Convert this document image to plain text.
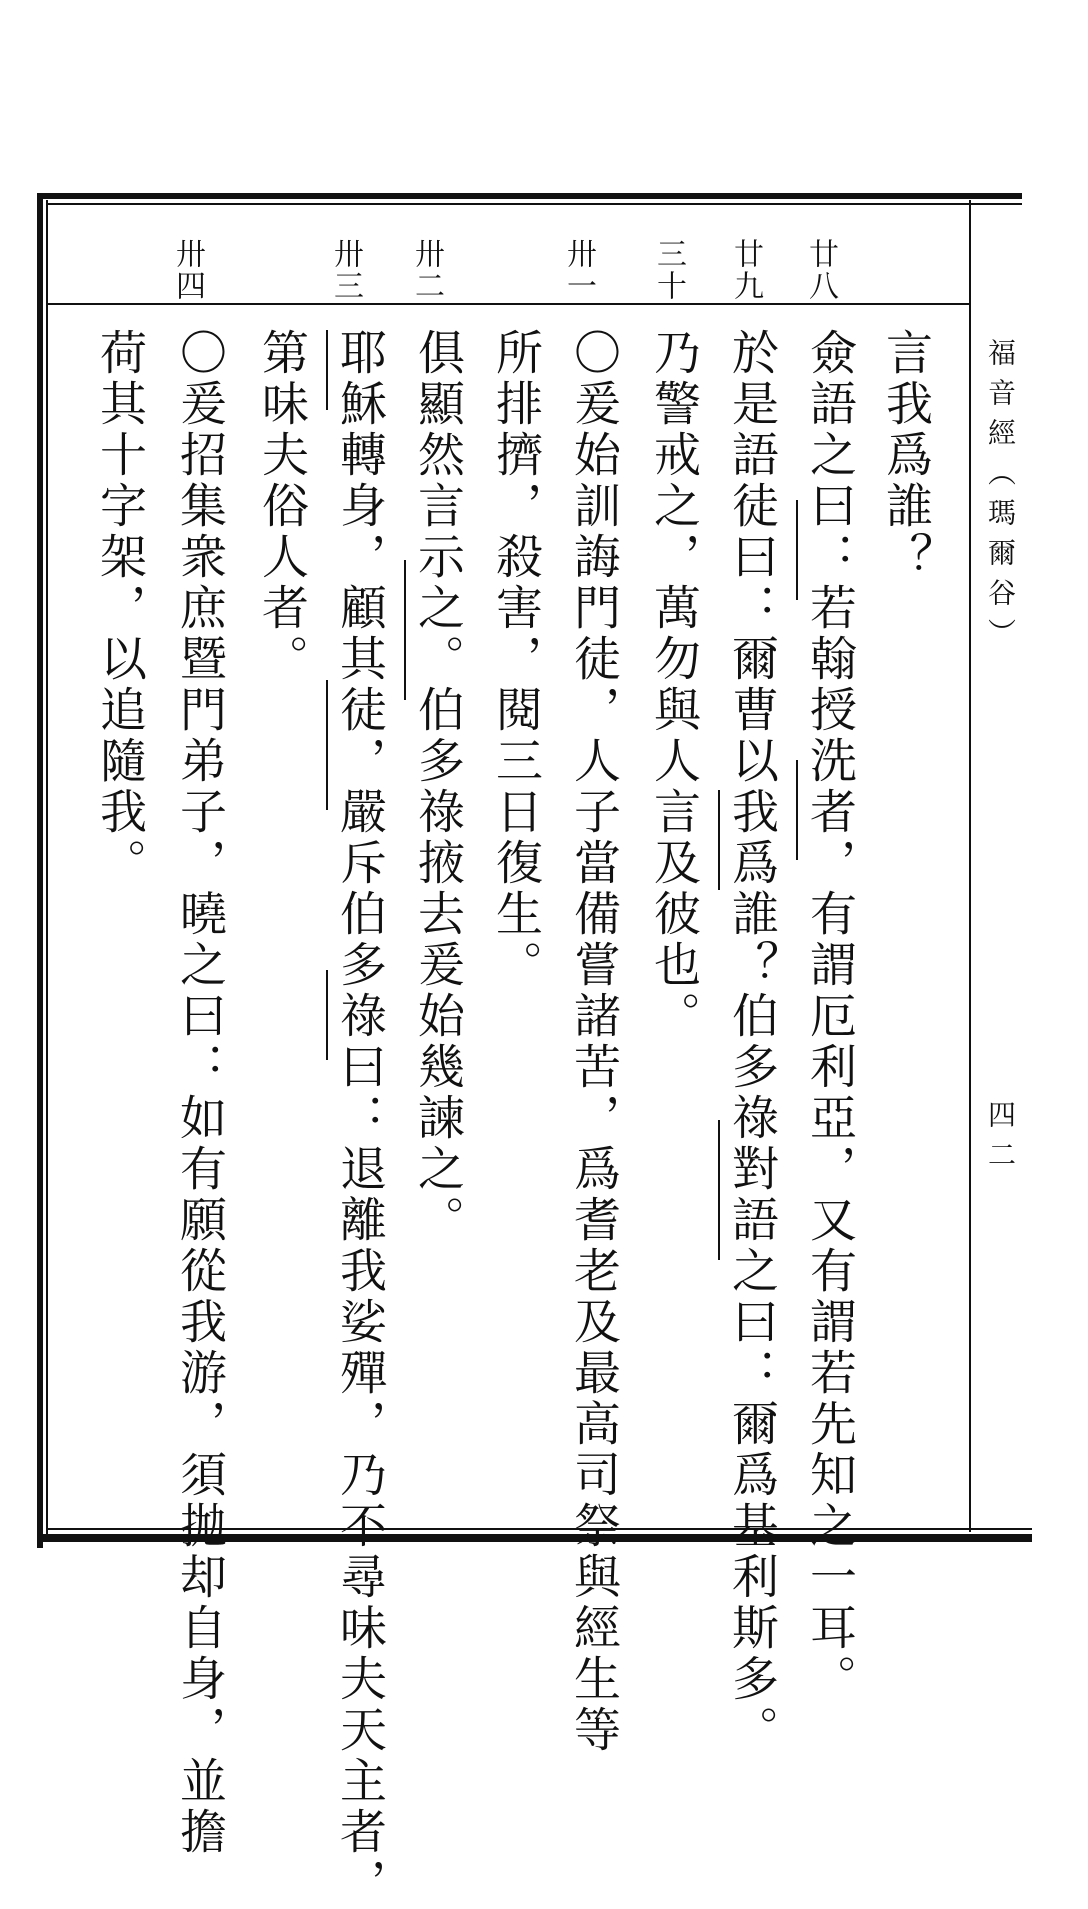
福音經（瑪爾谷）
四二
廿八
廿九
三十
卅一
卅二
卅三
卅四
言我爲誰？
僉語之曰：若翰授洗者，有謂厄利亞，又有謂若先知之一耳。
於是語徒曰：爾曹以我爲誰？伯多祿對語之曰：爾爲基利斯多。
乃警戒之，萬勿與人言及彼也。
〇爰始訓誨門徒，人子當備嘗諸苦，爲耆老及最高司祭與經生等
所排擠，殺害，閱三日復生。
俱顯然言示之。伯多祿掖去爰始幾諫之。
耶穌轉身，顧其徒，嚴斥伯多祿曰：退離我娑殫，乃不尋味夫天主者，
第味夫俗人者。
〇爰招集衆庶暨門弟子，曉之曰：如有願從我游，須拋却自身，並擔
荷其十字架，以追隨我。
